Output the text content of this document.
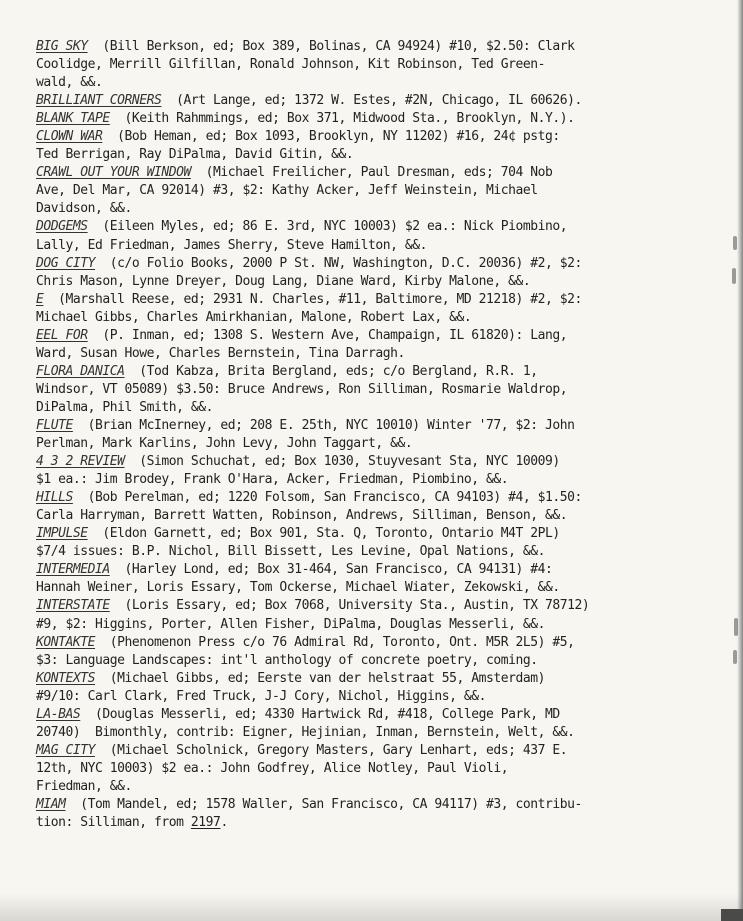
BIG SKY  (Bill Berkson, ed; Box 389, Bolinas, CA 94924) #10, $2.50: Clark
Coolidge, Merrill Gilfillan, Ronald Johnson, Kit Robinson, Ted Green-
wald, &&.
BRILLIANT CORNERS  (Art Lange, ed; 1372 W. Estes, #2N, Chicago, IL 60626).
BLANK TAPE  (Keith Rahmmings, ed; Box 371, Midwood Sta., Brooklyn, N.Y.).
CLOWN WAR  (Bob Heman, ed; Box 1093, Brooklyn, NY 11202) #16, 24¢ pstg:
Ted Berrigan, Ray DiPalma, David Gitin, &&.
CRAWL OUT YOUR WINDOW  (Michael Freilicher, Paul Dresman, eds; 704 Nob
Ave, Del Mar, CA 92014) #3, $2: Kathy Acker, Jeff Weinstein, Michael
Davidson, &&.
DODGEMS  (Eileen Myles, ed; 86 E. 3rd, NYC 10003) $2 ea.: Nick Piombino,
Lally, Ed Friedman, James Sherry, Steve Hamilton, &&.
DOG CITY  (c/o Folio Books, 2000 P St. NW, Washington, D.C. 20036) #2, $2:
Chris Mason, Lynne Dreyer, Doug Lang, Diane Ward, Kirby Malone, &&.
E  (Marshall Reese, ed; 2931 N. Charles, #11, Baltimore, MD 21218) #2, $2:
Michael Gibbs, Charles Amirkhanian, Malone, Robert Lax, &&.
EEL FOR  (P. Inman, ed; 1308 S. Western Ave, Champaign, IL 61820): Lang,
Ward, Susan Howe, Charles Bernstein, Tina Darragh.
FLORA DANICA  (Tod Kabza, Brita Bergland, eds; c/o Bergland, R.R. 1,
Windsor, VT 05089) $3.50: Bruce Andrews, Ron Silliman, Rosmarie Waldrop,
DiPalma, Phil Smith, &&.
FLUTE  (Brian McInerney, ed; 208 E. 25th, NYC 10010) Winter '77, $2: John
Perlman, Mark Karlins, John Levy, John Taggart, &&.
4 3 2 REVIEW  (Simon Schuchat, ed; Box 1030, Stuyvesant Sta, NYC 10009)
$1 ea.: Jim Brodey, Frank O'Hara, Acker, Friedman, Piombino, &&.
HILLS  (Bob Perelman, ed; 1220 Folsom, San Francisco, CA 94103) #4, $1.50:
Carla Harryman, Barrett Watten, Robinson, Andrews, Silliman, Benson, &&.
IMPULSE  (Eldon Garnett, ed; Box 901, Sta. Q, Toronto, Ontario M4T 2PL)
$7/4 issues: B.P. Nichol, Bill Bissett, Les Levine, Opal Nations, &&.
INTERMEDIA  (Harley Lond, ed; Box 31-464, San Francisco, CA 94131) #4:
Hannah Weiner, Loris Essary, Tom Ockerse, Michael Wiater, Zekowski, &&.
INTERSTATE  (Loris Essary, ed; Box 7068, University Sta., Austin, TX 78712)
#9, $2: Higgins, Porter, Allen Fisher, DiPalma, Douglas Messerli, &&.
KONTAKTE  (Phenomenon Press c/o 76 Admiral Rd, Toronto, Ont. M5R 2L5) #5,
$3: Language Landscapes: int'l anthology of concrete poetry, coming.
KONTEXTS  (Michael Gibbs, ed; Eerste van der helstraat 55, Amsterdam)
#9/10: Carl Clark, Fred Truck, J-J Cory, Nichol, Higgins, &&.
LA-BAS  (Douglas Messerli, ed; 4330 Hartwick Rd, #418, College Park, MD
20740)  Bimonthly, contrib: Eigner, Hejinian, Inman, Bernstein, Welt, &&.
MAG CITY  (Michael Scholnick, Gregory Masters, Gary Lenhart, eds; 437 E.
12th, NYC 10003) $2 ea.: John Godfrey, Alice Notley, Paul Violi,
Friedman, &&.
MIAM  (Tom Mandel, ed; 1578 Waller, San Francisco, CA 94117) #3, contribu-
tion: Silliman, from 2197.
